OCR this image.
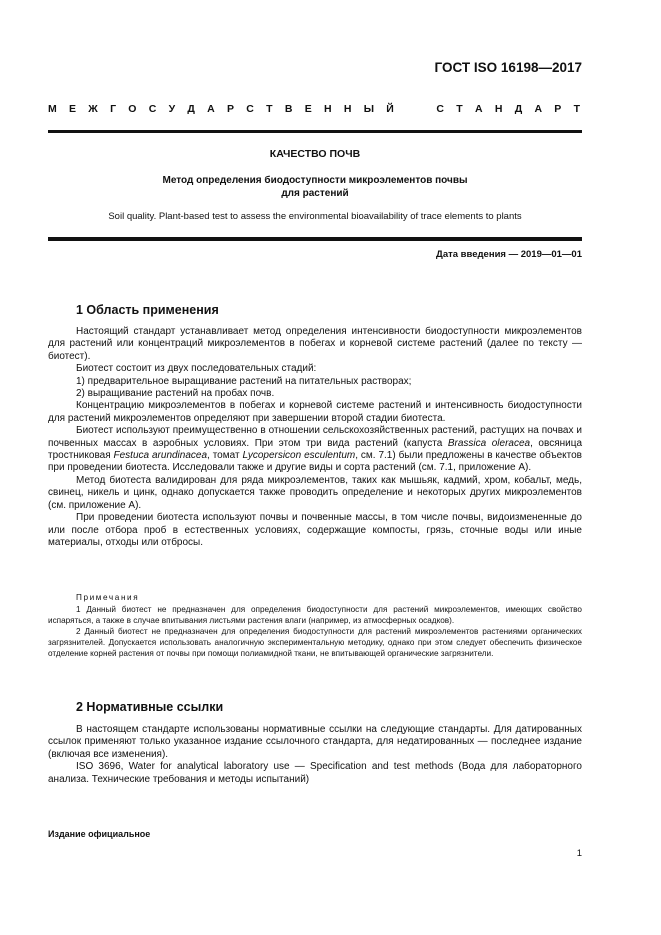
ГОСТ ISO 16198—2017
М Е Ж Г О С У Д А Р С Т В Е Н Н Ы Й

	С Т А Н Д А Р Т
КАЧЕСТВО ПОЧВ
Метод определения биодоступности микроэлементов почвы
для растений
Soil quality. Plant-based test to assess the environmental bioavailability of trace elements to plants
Дата введения — 2019—01—01
1 Область применения

Настоящий стандарт устанавливает метод определения интенсивности биодоступности микроэлементов для растений или концентраций микроэлементов в побегах и корневой системе растений (далее по тексту — биотест).

Биотест состоит из двух последовательных стадий:

1) предварительное выращивание растений на питательных растворах;

2) выращивание растений на пробах почв.

Концентрацию микроэлементов в побегах и корневой системе растений и интенсивность биодоступности для растений микроэлементов определяют при завершении второй стадии биотеста.

Биотест используют преимущественно в отношении сельскохозяйственных растений, растущих на почвах и почвенных массах в аэробных условиях. При этом три вида растений (капуста Brassica oleracea, овсяница тростниковая Festuca arundinacea, томат Lycopersicon esculentum, см. 7.1) были предложены в качестве объектов при проведении биотеста. Исследовали также и другие виды и сорта растений (см. 7.1, приложение А).

Метод биотеста валидирован для ряда микроэлементов, таких как мышьяк, кадмий, хром, кобальт, медь, свинец, никель и цинк, однако допускается также проводить определение и некоторых других микроэлементов (см. приложение А).

При проведении биотеста используют почвы и почвенные массы, в том числе почвы, видоизмененные до или после отбора проб в естественных условиях, содержащие компосты, грязь, сточные воды или иные материалы, отходы или отбросы.

Примечания

1 Данный биотест не предназначен для определения биодоступности для растений микроэлементов, имеющих свойство испаряться, а также в случае впитывания листьями растения влаги (например, из атмосферных осадков).

2 Данный биотест не предназначен для определения биодоступности для растений микроэлементов растениями органических загрязнителей. Допускается использовать аналогичную экспериментальную методику, однако при этом следует обеспечить физическое отделение корней растения от почвы при помощи полиамидной ткани, не впитывающей органические загрязнители.

2 Нормативные ссылки

В настоящем стандарте использованы нормативные ссылки на следующие стандарты. Для датированных ссылок применяют только указанное издание ссылочного стандарта, для недатированных — последнее издание (включая все изменения).

ISO 3696, Water for analytical laboratory use — Specification and test methods (Вода для лабораторного анализа. Технические требования и методы испытаний)

Издание официальное
1
